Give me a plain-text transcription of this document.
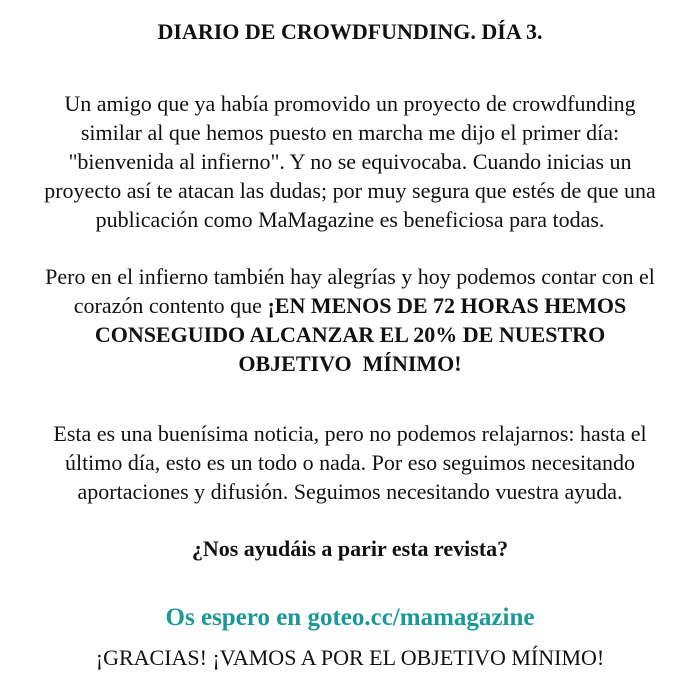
DIARIO DE CROWDFUNDING. DÍA 3.
Un amigo que ya había promovido un proyecto de crowdfunding
similar al que hemos puesto en marcha me dijo el primer día:
"bienvenida al infierno". Y no se equivocaba. Cuando inicias un
proyecto así te atacan las dudas; por muy segura que estés de que una
publicación como MaMagazine es beneficiosa para todas.
Pero en el infierno también hay alegrías y hoy podemos contar con el
corazón contento que ¡EN MENOS DE 72 HORAS HEMOS
CONSEGUIDO ALCANZAR EL 20% DE NUESTRO
OBJETIVO  MÍNIMO!
Esta es una buenísima noticia, pero no podemos relajarnos: hasta el
último día, esto es un todo o nada. Por eso seguimos necesitando
aportaciones y difusión. Seguimos necesitando vuestra ayuda.
¿Nos ayudáis a parir esta revista?
Os espero en goteo.cc/mamagazine
¡GRACIAS! ¡VAMOS A POR EL OBJETIVO MÍNIMO!
